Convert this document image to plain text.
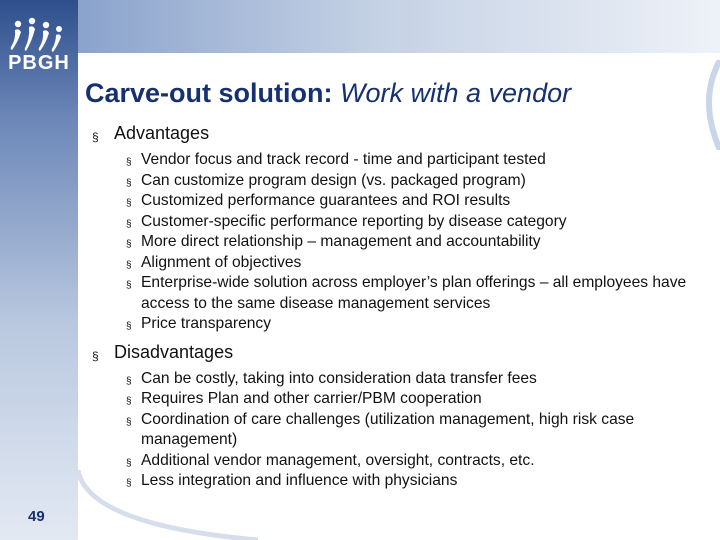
PBGH
Carve-out solution: Work with a vendor
§ Advantages
§ Vendor focus and track record - time and participant tested
§ Can customize program design (vs. packaged program)
§ Customized performance guarantees and ROI results
§ Customer-specific performance reporting by disease category
§ More direct relationship – management and accountability
§ Alignment of objectives
§ Enterprise-wide solution across employer’s plan offerings – all employees have access to the same disease management services
§ Price transparency
§ Disadvantages
§ Can be costly, taking into consideration data transfer fees
§ Requires Plan and other carrier/PBM cooperation
§ Coordination of care challenges (utilization management, high risk case management)
§ Additional vendor management, oversight, contracts, etc.
§ Less integration and influence with physicians
49
